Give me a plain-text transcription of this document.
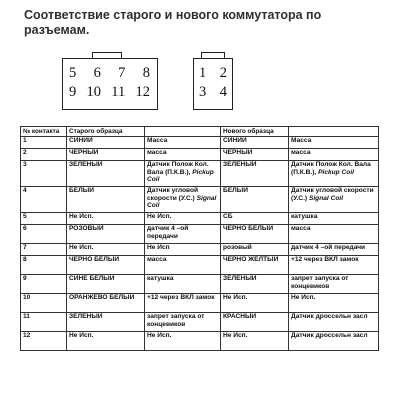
Соответствие старого и нового коммутатора по разъемам.
5 6 7 8
9 10 11 12
1 2
3 4
№ контакта	Старого образца		Нового образца	
1	СИНИЙ	Масса	СИНИЙ	Масса
2	ЧЕРНЫЙ	масса	ЧЕРНЫЙ	масса
3	ЗЕЛЕНЫЙ	Датчик Полож Кол. Вала (П.К.В.), Pickup Coil	ЗЕЛЕНЫЙ	Датчик Полож Кол. Вала (П.К.В.), Pickup Coil
4	БЕЛЫЙ	Датчик угловой скорости (У.С.) Signal Coil	БЕЛЫЙ	Датчик угловой скорости (У.С.) Signal Coil
5	Не Исп.	Не Исп.	СБ	катушка
6	РОЗОВЫЙ	датчик 4 –ой передачи	ЧЕРНО БЕЛЫЙ	масса
7	Не Исп.	Не Исп	розовый	датчик 4 –ой передачи
8	ЧЕРНО БЕЛЫЙ	масса	ЧЕРНО ЖЕЛТЫЙ	+12 через ВКЛ замок
9	СИНЕ БЕЛЫЙ	катушка	ЗЕЛЕНЫЙ	запрет запуска от концевиков
10	ОРАНЖЕВО БЕЛЫЙ	+12 через ВКЛ замок	Не Исп.	Не Исп.
11	ЗЕЛЕНЫЙ	запрет запуска от концевиков	КРАСНЫЙ	Датчик дроссельн засл
12	Не Исп.	Не Исп.	Не Исп.	Датчик дроссельн засл
